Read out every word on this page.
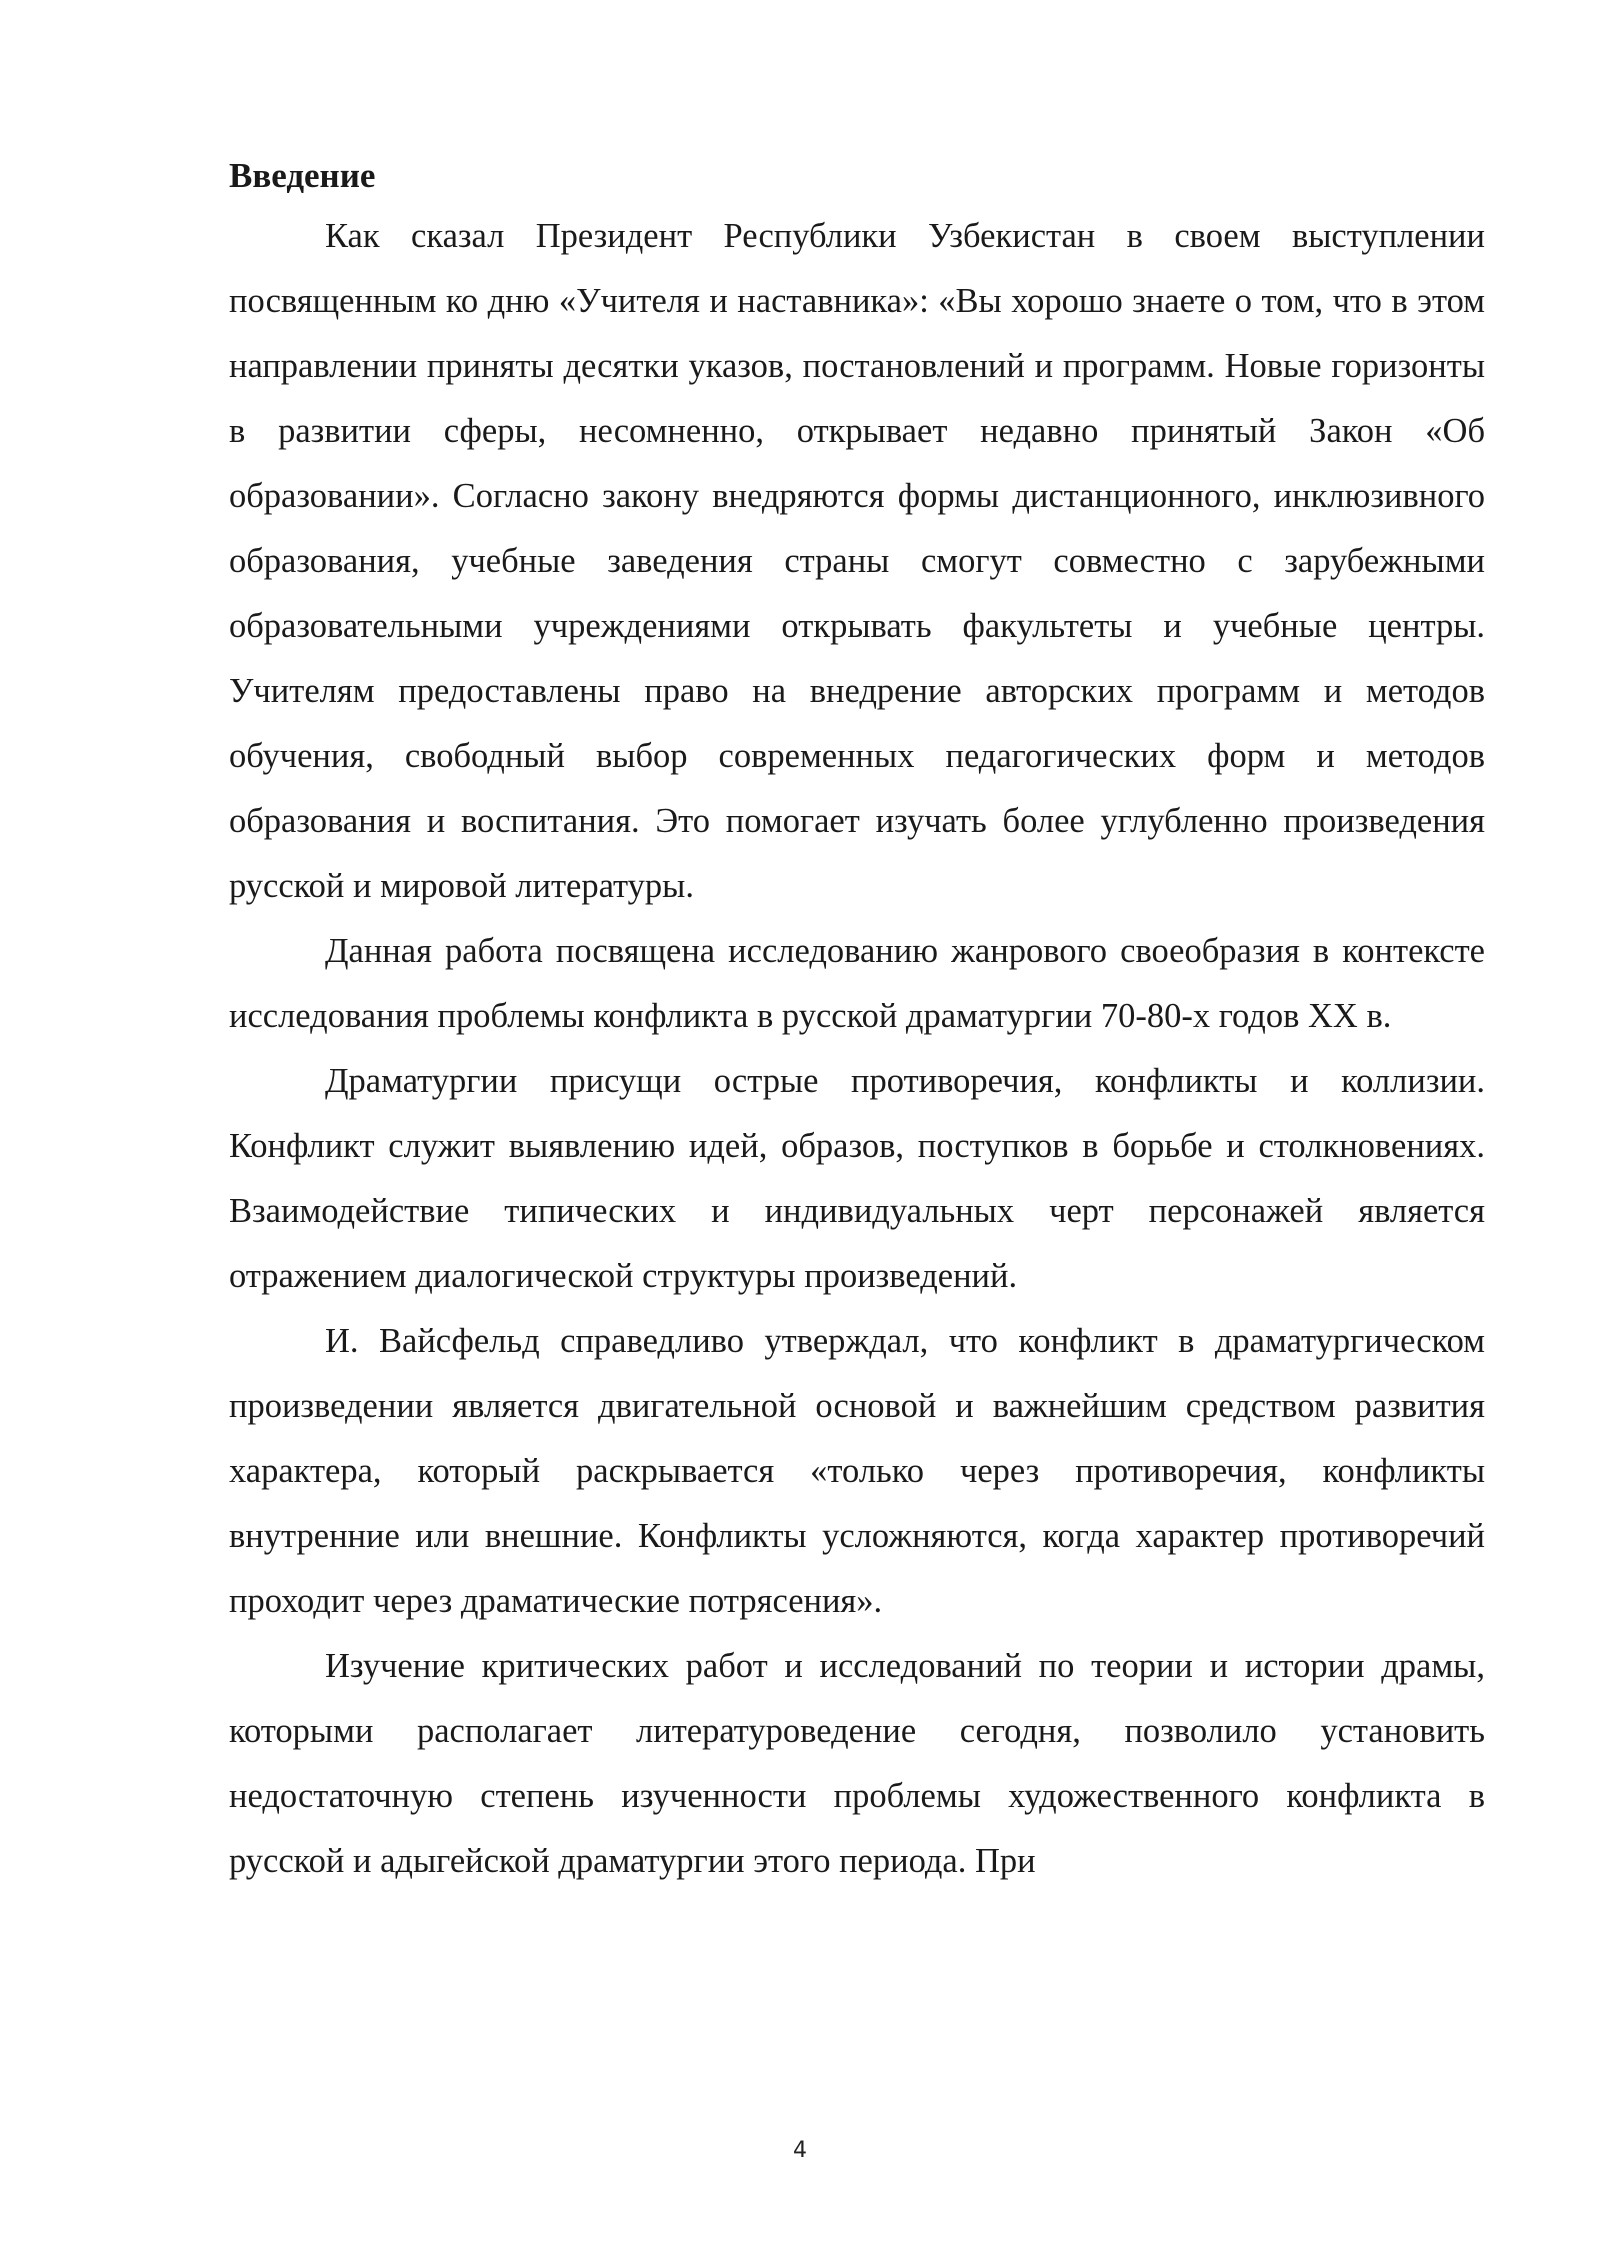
Введение

Как сказал Президент Республики Узбекистан в своем выступлении посвященным ко дню «Учителя и наставника»: «Вы хорошо знаете о том, что в этом направлении приняты десятки указов, постановлений и программ. Новые горизонты в развитии сферы, несомненно, открывает недавно принятый Закон «Об образовании». Согласно закону внедряются формы дистанционного, инклюзивного образования, учебные заведения страны смогут совместно с зарубежными образовательными учреждениями открывать факультеты и учебные центры. Учителям предоставлены право на внедрение авторских программ и методов обучения, свободный выбор современных педагогических форм и методов образования и воспитания. Это помогает изучать более углубленно произведения русской и мировой литературы.

Данная работа посвящена исследованию жанрового своеобразия в контексте исследования проблемы конфликта в русской драматургии 70-80-х годов XX в.

Драматургии присущи острые противоречия, конфликты и коллизии. Конфликт служит выявлению идей, образов, поступков в борьбе и столкновениях. Взаимодействие типических и индивидуальных черт персонажей является отражением диалогической структуры произведений.

И. Вайсфельд справедливо утверждал, что конфликт в драматургическом произведении является двигательной основой и важнейшим средством развития характера, который раскрывается «только через противоречия, конфликты внутренние или внешние. Конфликты усложняются, когда характер противоречий проходит через драматические потрясения».

Изучение критических работ и исследований по теории и истории драмы, которыми располагает литературоведение сегодня, позволило установить недостаточную степень изученности проблемы художественного конфликта в русской и адыгейской драматургии этого периода. При

4
